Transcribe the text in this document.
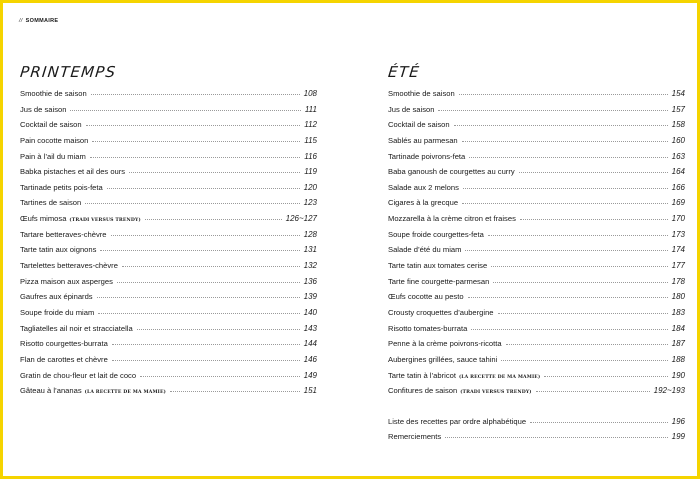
// SOMMAIRE
PRINTEMPS
Smoothie de saison	108
Jus de saison	111
Cocktail de saison	112
Pain cocotte maison	115
Pain à l’ail du miam	116
Babka pistaches et ail des ours	119
Tartinade petits pois-feta	120
Tartines de saison	123
Œufs mimosa (TRADI VERSUS TRENDY)	126~127
Tartare betteraves-chèvre	128
Tarte tatin aux oignons	131
Tartelettes betteraves-chèvre	132
Pizza maison aux asperges	136
Gaufres aux épinards	139
Soupe froide du miam	140
Tagliatelles ail noir et stracciatella	143
Risotto courgettes-burrata	144
Flan de carottes et chèvre	146
Gratin de chou-fleur et lait de coco	149
Gâteau à l’ananas (LA RECETTE DE MA MAMIE)	151
ÉTÉ
Smoothie de saison	154
Jus de saison	157
Cocktail de saison	158
Sablés au parmesan	160
Tartinade poivrons-feta	163
Baba ganoush de courgettes au curry	164
Salade aux 2 melons	166
Cigares à la grecque	169
Mozzarella à la crème citron et fraises	170
Soupe froide courgettes-feta	173
Salade d’été du miam	174
Tarte tatin aux tomates cerise	177
Tarte fine courgette-parmesan	178
Œufs cocotte au pesto	180
Crousty croquettes d’aubergine	183
Risotto tomates-burrata	184
Penne à la crème poivrons-ricotta	187
Aubergines grillées, sauce tahini	188
Tarte tatin à l’abricot (LA RECETTE DE MA MAMIE)	190
Confitures de saison (TRADI VERSUS TRENDY)	192~193
Liste des recettes par ordre alphabétique	196
Remerciements	199
